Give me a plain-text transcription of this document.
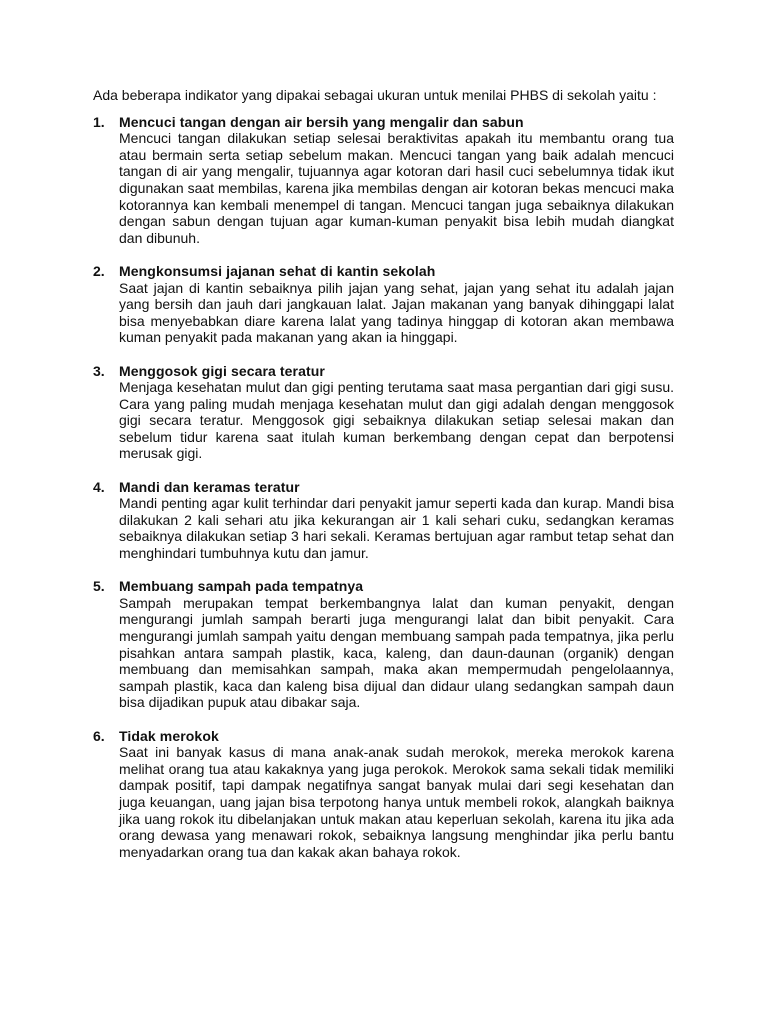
Ada beberapa indikator yang dipakai sebagai ukuran untuk menilai PHBS di sekolah yaitu :

1.	Mencuci tangan dengan air bersih yang mengalir dan sabun
Mencuci tangan dilakukan setiap selesai beraktivitas apakah itu membantu orang tua atau bermain serta setiap sebelum makan. Mencuci tangan yang baik adalah mencuci tangan di air yang mengalir, tujuannya agar kotoran dari hasil cuci sebelumnya tidak ikut digunakan saat membilas, karena jika membilas dengan air kotoran bekas mencuci maka kotorannya kan kembali menempel di tangan. Mencuci tangan juga sebaiknya dilakukan dengan sabun dengan tujuan agar kuman-kuman penyakit bisa lebih mudah diangkat dan dibunuh.
2.	Mengkonsumsi jajanan sehat di kantin sekolah
Saat jajan di kantin sebaiknya pilih jajan yang sehat, jajan yang sehat itu adalah jajan yang bersih dan jauh dari jangkauan lalat. Jajan makanan yang banyak dihinggapi lalat bisa menyebabkan diare karena lalat yang tadinya hinggap di kotoran akan membawa kuman penyakit pada makanan yang akan ia hinggapi.
3.	Menggosok gigi secara teratur
Menjaga kesehatan mulut dan gigi penting terutama saat masa pergantian dari gigi susu. Cara yang paling mudah menjaga kesehatan mulut dan gigi adalah dengan menggosok gigi secara teratur. Menggosok gigi sebaiknya dilakukan setiap selesai makan dan sebelum tidur karena saat itulah kuman berkembang dengan cepat dan berpotensi merusak gigi.
4.	Mandi dan keramas teratur
Mandi penting agar kulit terhindar dari penyakit jamur seperti kada dan kurap. Mandi bisa dilakukan 2 kali sehari atu jika kekurangan air 1 kali sehari cuku, sedangkan keramas sebaiknya dilakukan setiap 3 hari sekali. Keramas bertujuan agar rambut tetap sehat dan menghindari tumbuhnya kutu dan jamur.
5.	Membuang sampah pada tempatnya
Sampah merupakan tempat berkembangnya lalat dan kuman penyakit, dengan mengurangi jumlah sampah berarti juga mengurangi lalat dan bibit penyakit. Cara mengurangi jumlah sampah yaitu dengan membuang sampah pada tempatnya, jika perlu pisahkan antara sampah plastik, kaca, kaleng, dan daun-daunan (organik) dengan membuang dan memisahkan sampah, maka akan mempermudah pengelolaannya, sampah plastik, kaca dan kaleng bisa dijual dan didaur ulang sedangkan sampah daun bisa dijadikan pupuk atau dibakar saja.
6.	Tidak merokok
Saat ini banyak kasus di mana anak-anak sudah merokok, mereka merokok karena melihat orang tua atau kakaknya yang juga perokok. Merokok sama sekali tidak memiliki dampak positif, tapi dampak negatifnya sangat banyak mulai dari segi kesehatan dan juga keuangan, uang jajan bisa terpotong hanya untuk membeli rokok, alangkah baiknya jika uang rokok itu dibelanjakan untuk makan atau keperluan sekolah, karena itu jika ada orang dewasa yang menawari rokok, sebaiknya langsung menghindar jika perlu bantu menyadarkan orang tua dan kakak akan bahaya rokok.
